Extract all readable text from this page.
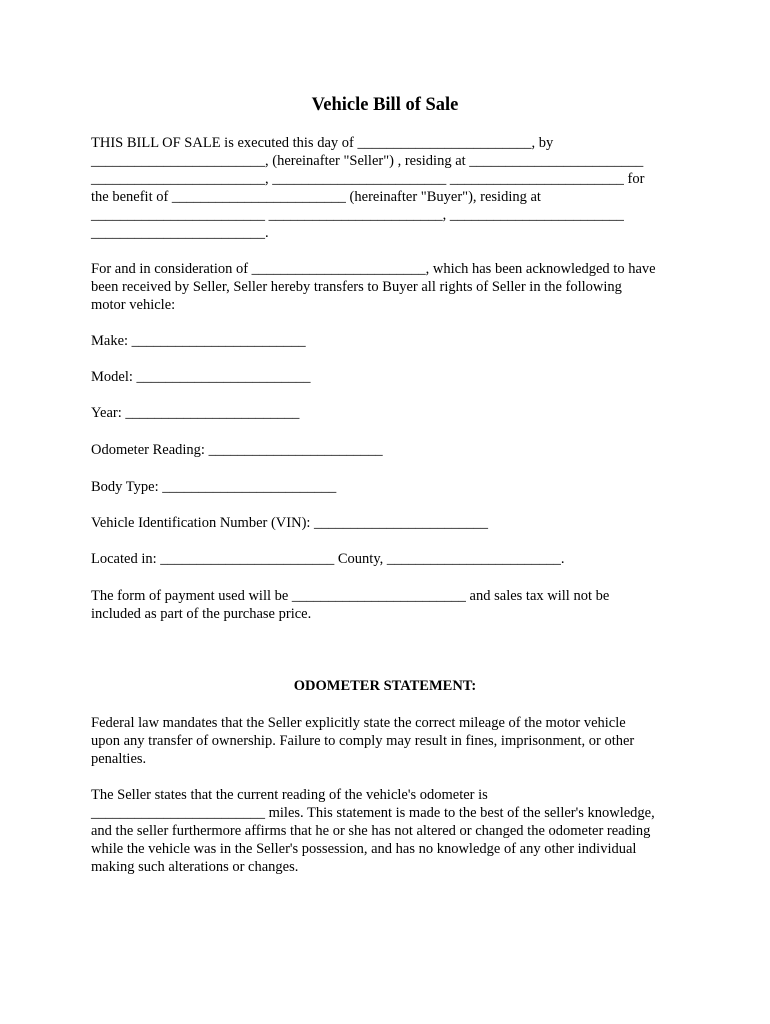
Vehicle Bill of Sale
THIS BILL OF SALE is executed this day of ________________________, by
________________________, (hereinafter "Seller") , residing at ________________________
________________________, ________________________ ________________________ for
the benefit of ________________________ (hereinafter "Buyer"), residing at
________________________ ________________________, ________________________
________________________.
For and in consideration of ________________________, which has been acknowledged to have
been received by Seller, Seller hereby transfers to Buyer all rights of Seller in the following
motor vehicle:
Make: ________________________
Model: ________________________
Year: ________________________
Odometer Reading: ________________________
Body Type: ________________________
Vehicle Identification Number (VIN): ________________________
Located in: ________________________ County, ________________________.
The form of payment used will be ________________________ and sales tax will not be
included as part of the purchase price.
ODOMETER STATEMENT:
Federal law mandates that the Seller explicitly state the correct mileage of the motor vehicle
upon any transfer of ownership. Failure to comply may result in fines, imprisonment, or other
penalties.
The Seller states that the current reading of the vehicle's odometer is
________________________ miles. This statement is made to the best of the seller's knowledge,
and the seller furthermore affirms that he or she has not altered or changed the odometer reading
while the vehicle was in the Seller's possession, and has no knowledge of any other individual
making such alterations or changes.
